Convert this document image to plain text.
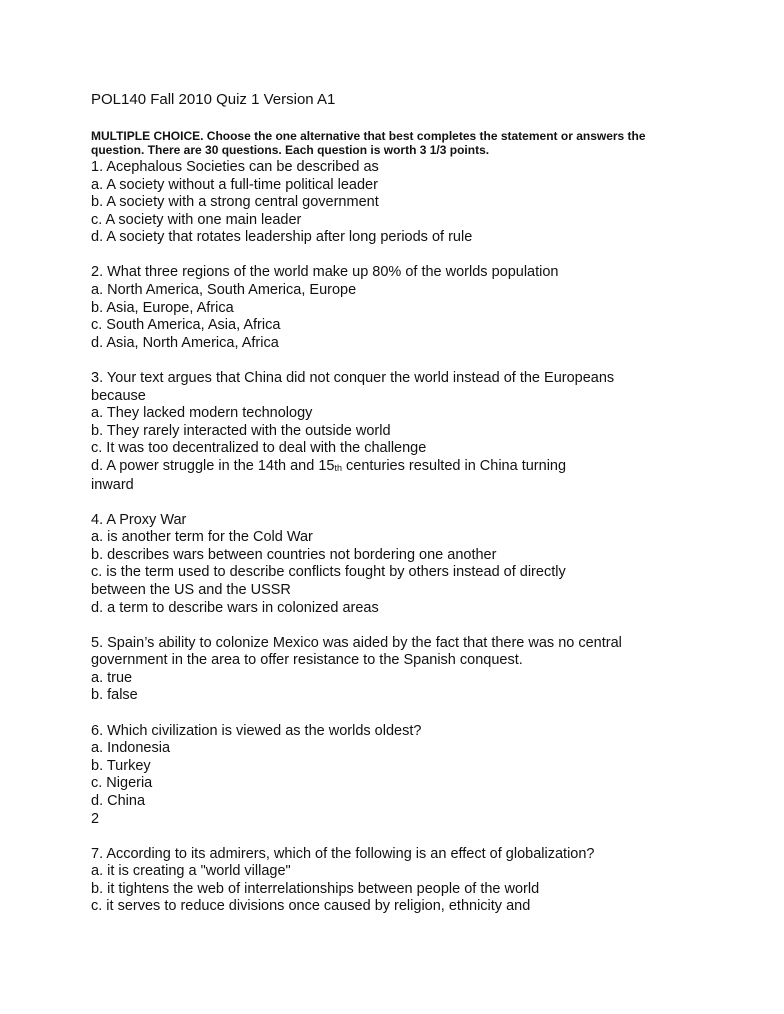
POL140 Fall 2010 Quiz 1 Version A1
MULTIPLE CHOICE. Choose the one alternative that best completes the statement or answers the question. There are 30 questions. Each question is worth 3 1/3 points.
1. Acephalous Societies can be described as
a. A society without a full-time political leader
b. A society with a strong central government
c. A society with one main leader
d. A society that rotates leadership after long periods of rule
2. What three regions of the world make up 80% of the worlds population
a. North America, South America, Europe
b. Asia, Europe, Africa
c. South America, Asia, Africa
d. Asia, North America, Africa
3. Your text argues that China did not conquer the world instead of the Europeans
because
a. They lacked modern technology
b. They rarely interacted with the outside world
c. It was too decentralized to deal with the challenge
d. A power struggle in the 14th and 15th centuries resulted in China turning
inward
4. A Proxy War
a. is another term for the Cold War
b. describes wars between countries not bordering one another
c. is the term used to describe conflicts fought by others instead of directly
between the US and the USSR
d. a term to describe wars in colonized areas
5. Spain’s ability to colonize Mexico was aided by the fact that there was no central
government in the area to offer resistance to the Spanish conquest.
a. true
b. false
6. Which civilization is viewed as the worlds oldest?
a. Indonesia
b. Turkey
c. Nigeria
d. China
2
7. According to its admirers, which of the following is an effect of globalization?
a. it is creating a "world village"
b. it tightens the web of interrelationships between people of the world
c. it serves to reduce divisions once caused by religion, ethnicity and
